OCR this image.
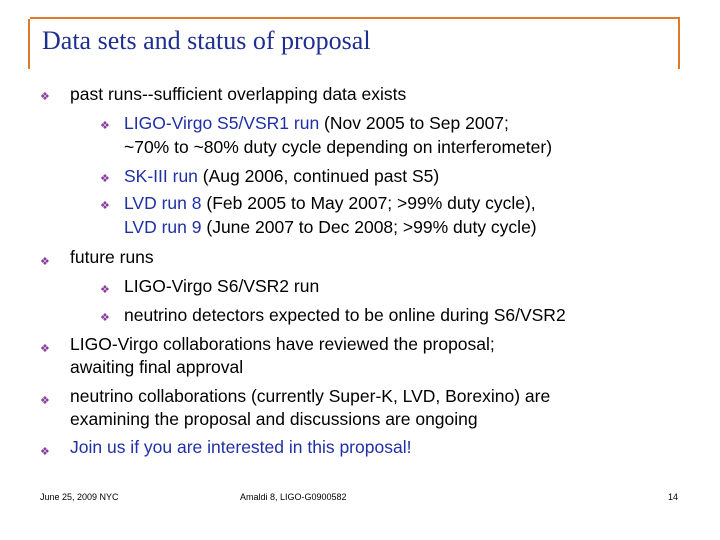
Data sets and status of proposal
❖ past runs--sufficient overlapping data exists
❖ LIGO-Virgo S5/VSR1 run (Nov 2005 to Sep 2007;
~70% to ~80% duty cycle depending on interferometer)
❖ SK-III run (Aug 2006, continued past S5)
❖ LVD run 8 (Feb 2005 to May 2007; >99% duty cycle),
LVD run 9 (June 2007 to Dec 2008; >99% duty cycle)
❖ future runs
❖ LIGO-Virgo S6/VSR2 run
❖ neutrino detectors expected to be online during S6/VSR2
❖ LIGO-Virgo collaborations have reviewed the proposal;
awaiting final approval
❖ neutrino collaborations (currently Super-K, LVD, Borexino) are
examining the proposal and discussions are ongoing
❖ Join us if you are interested in this proposal!
June 25, 2009 NYC	Amaldi 8, LIGO-G0900582	14
